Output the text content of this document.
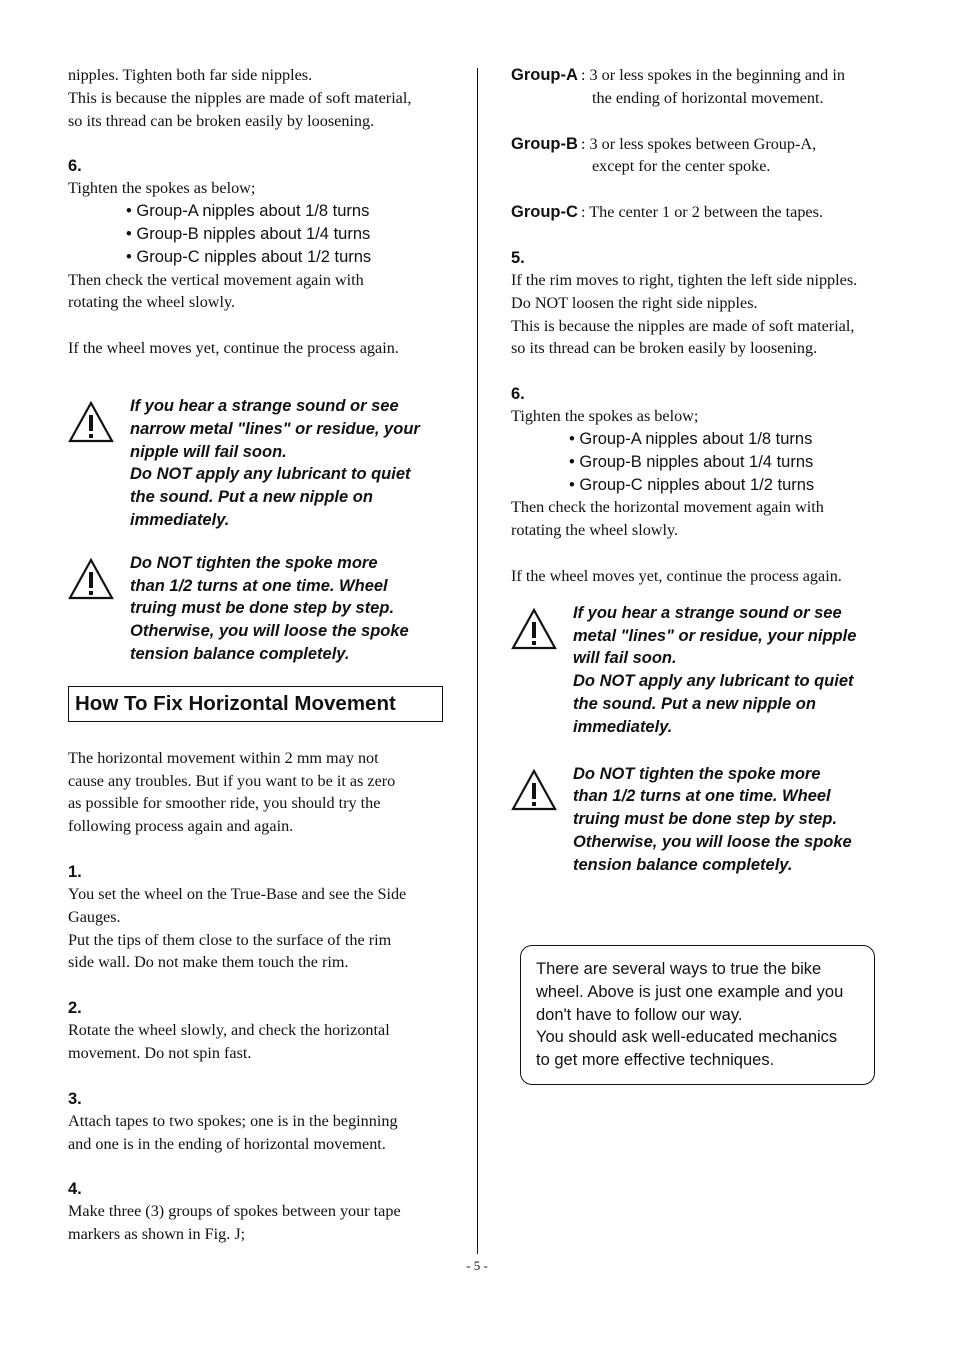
nipples. Tighten both far side nipples.

This is because the nipples are made of soft material,

so its thread can be broken easily by loosening.

6.

Tighten the spokes as below;

• Group-A nipples about 1/8 turns
• Group-B nipples about 1/4 turns
• Group-C nipples about 1/2 turns

Then check the vertical movement again with

rotating the wheel slowly.

If the wheel moves yet, continue the process again.

If you hear a strange sound or see
narrow metal "lines" or residue, your
nipple will fail soon.
Do NOT apply any lubricant to quiet
the sound. Put a new nipple on
immediately.
Do NOT tighten the spoke more
than 1/2 turns at one time. Wheel
truing must be done step by step.
Otherwise, you will loose the spoke
tension balance completely.
How To Fix Horizontal Movement

The horizontal movement within 2 mm may not

cause any troubles. But if you want to be it as zero

as possible for smoother ride, you should try the

following process again and again.

1.

You set the wheel on the True-Base and see the Side

Gauges.

Put the tips of them close to the surface of the rim

side wall. Do not make them touch the rim.

2.

Rotate the wheel slowly, and check the horizontal

movement. Do not spin fast.

3.

Attach tapes to two spokes; one is in the beginning

and one is in the ending of horizontal movement.

4.

Make three (3) groups of spokes between your tape

markers as shown in Fig. J;

Group-A : 3 or less spokes in the beginning and in

the ending of horizontal movement.

Group-B : 3 or less spokes between Group-A,

except for the center spoke.

Group-C : The center 1 or 2 between the tapes.

5.

If the rim moves to right, tighten the left side nipples.

Do NOT loosen the right side nipples.

This is because the nipples are made of soft material,

so its thread can be broken easily by loosening.

6.

Tighten the spokes as below;

• Group-A nipples about 1/8 turns
• Group-B nipples about 1/4 turns
• Group-C nipples about 1/2 turns

Then check the horizontal movement again with

rotating the wheel slowly.

If the wheel moves yet, continue the process again.

If you hear a strange sound or see
metal "lines" or residue, your nipple
will fail soon.
Do NOT apply any lubricant to quiet
the sound. Put a new nipple on
immediately.
Do NOT tighten the spoke more
than 1/2 turns at one time. Wheel
truing must be done step by step.
Otherwise, you will loose the spoke
tension balance completely.
There are several ways to true the bike
wheel. Above is just one example and you
don't have to follow our way.
You should ask well-educated mechanics
to get more effective techniques.
- 5 -
